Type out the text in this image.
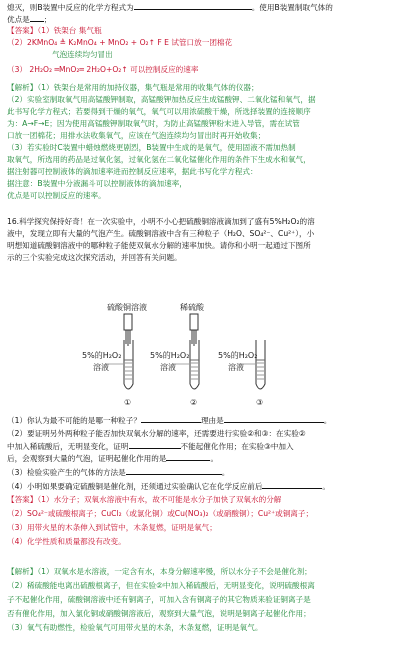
熄灭，则B装置中反应的化学方程式为	。使用B装置制取气体的
优点是 ；
【答案】（1）铁架台 集气瓶
（2）2KMnO₄ ≜ K₂MnO₄ + MnO₂ + O₂↑ F E 试管口放一团棉花
气泡连续均匀冒出
（3） 2H₂O₂ ═MnO₂═ 2H₂O+O₂↑ 可以控制反应的速率
【解析】（1）铁架台是常用的加持仪器，集气瓶是常用的收集气体的仪器；
（2）实验室制取氧气用高锰酸钾制取，高锰酸钾加热反应生成锰酸钾、二氧化锰和氧气，据
此书写化学方程式；若要得到干燥的氧气，氧气可以用浓硫酸干燥，所选择装置的连接顺序
为：A→F→E；因为使用高锰酸钾制取氧气时，为防止高锰酸钾粉末进入导管，需在试管
口放一团棉花；用排水法收集氧气，应该在气泡连续均匀冒出时再开始收集；
（3）若实验时C装置中蜡烛燃烧更剧烈，B装置中生成的是氧气，使用固液不需加热制
取氧气，所选用的药品是过氧化氢，过氧化氢在二氧化锰催化作用的条件下生成水和氧气，
据注射器可控制液体的滴加速率进而控制反应速率，据此书写化学方程式：
据注意：B装置中分液漏斗可以控制液体的滴加速率，
优点是可以控制反应的速率。
16.科学探究保持好奇！在一次实验中，小明不小心把硫酸铜溶液滴加到了盛有5%H₂O₂的溶
液中，发现立即有大量的气泡产生。硫酸铜溶液中含有三种粒子（H₂O、SO₄²⁻、Cu²⁺），小
明想知道硫酸铜溶液中的哪种粒子能使双氧水分解的速率加快。请你和小明一起通过下图所
示的三个实验完成这次探究活动，并回答有关问题。
硫酸铜溶液	稀硫酸
5%的H₂O₂
溶液
①
5%的H₂O₂
溶液
②
5%的H₂O₂
溶液
③
（1）你认为最不可能的是哪一种粒子？	理由是	。
（2）要证明另外两种粒子能否加快双氧水分解的速率，还需要进行实验②和③：在实验②
中加入稀硫酸后，无明显变化，证明	不能起催化作用；在实验③中加入
后，会观察到大量的气泡，证明起催化作用的是	。
（3）检验实验产生的气体的方法是	。
（4）小明如果要确定硫酸铜是催化剂，还须通过实验确认它在化学反应前后	。
【答案】（1）水分子；双氧水溶液中有水，故不可能是水分子加快了双氧水的分解
（2）SO₄²⁻或硫酸根离子；CuCl₂（或氯化铜）或Cu(NO₃)₂（或硝酸铜）；Cu²⁺或铜离子；
（3）用带火星的木条伸入到试管中，木条复燃，证明是氧气；
（4）化学性质和质量都没有改变。
【解析】（1）双氧水是水溶液，一定含有水，本身分解速率慢，所以水分子不会是催化剂；
（2）稀硫酸能电离出硫酸根离子，但在实验②中加入稀硫酸后，无明显变化，说明硫酸根离
子不起催化作用，硫酸铜溶液中还有铜离子，可加入含有铜离子的其它物质来验证铜离子是
否有催化作用，加入氯化铜或硝酸铜溶液后，观察到大量气泡，说明是铜离子起催化作用；
（3）氧气有助燃性，检验氧气可用带火星的木条，木条复燃，证明是氧气。
